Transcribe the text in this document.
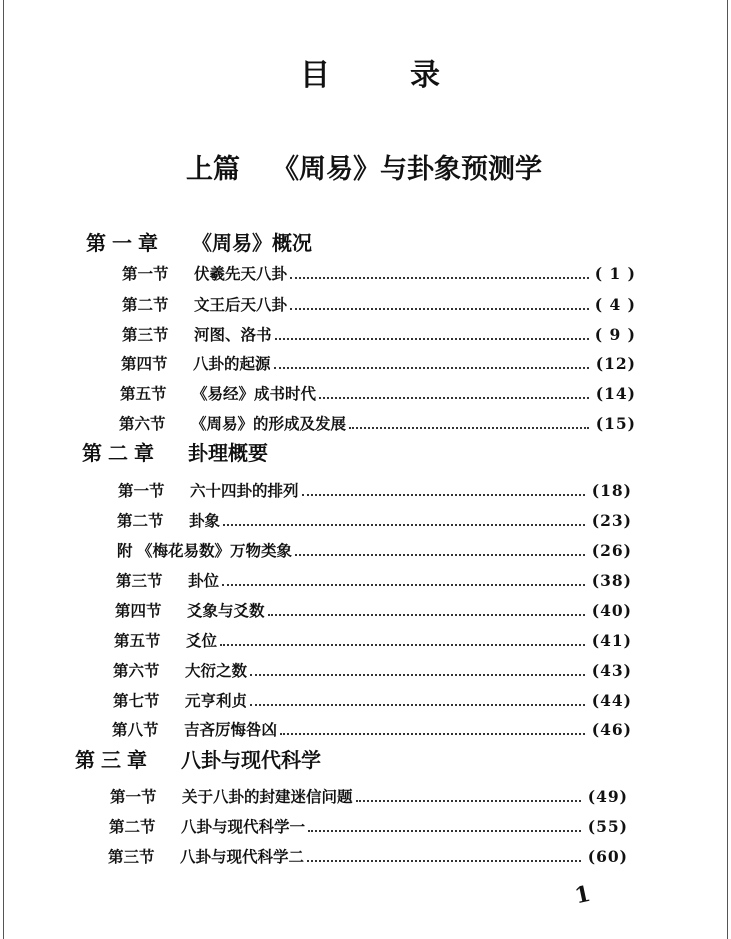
目	录
上篇 《周易》与卦象预测学
第一章	《周易》概况
第一节	伏羲先天八卦	( 1 )
第二节	文王后天八卦	( 4 )
第三节	河图、洛书	( 9 )
第四节	八卦的起源	(12)
第五节	《易经》成书时代	(14)
第六节	《周易》的形成及发展	(15)
第二章	卦理概要
第一节	六十四卦的排列	(18)
第二节	卦象	(23)
附 《梅花易数》万物类象	(26)
第三节	卦位	(38)
第四节	爻象与爻数	(40)
第五节	爻位	(41)
第六节	大衍之数	(43)
第七节	元亨利贞	(44)
第八节	吉吝厉悔咎凶	(46)
第三章	八卦与现代科学
第一节	关于八卦的封建迷信问题	(49)
第二节	八卦与现代科学一	(55)
第三节	八卦与现代科学二	(60)
1
